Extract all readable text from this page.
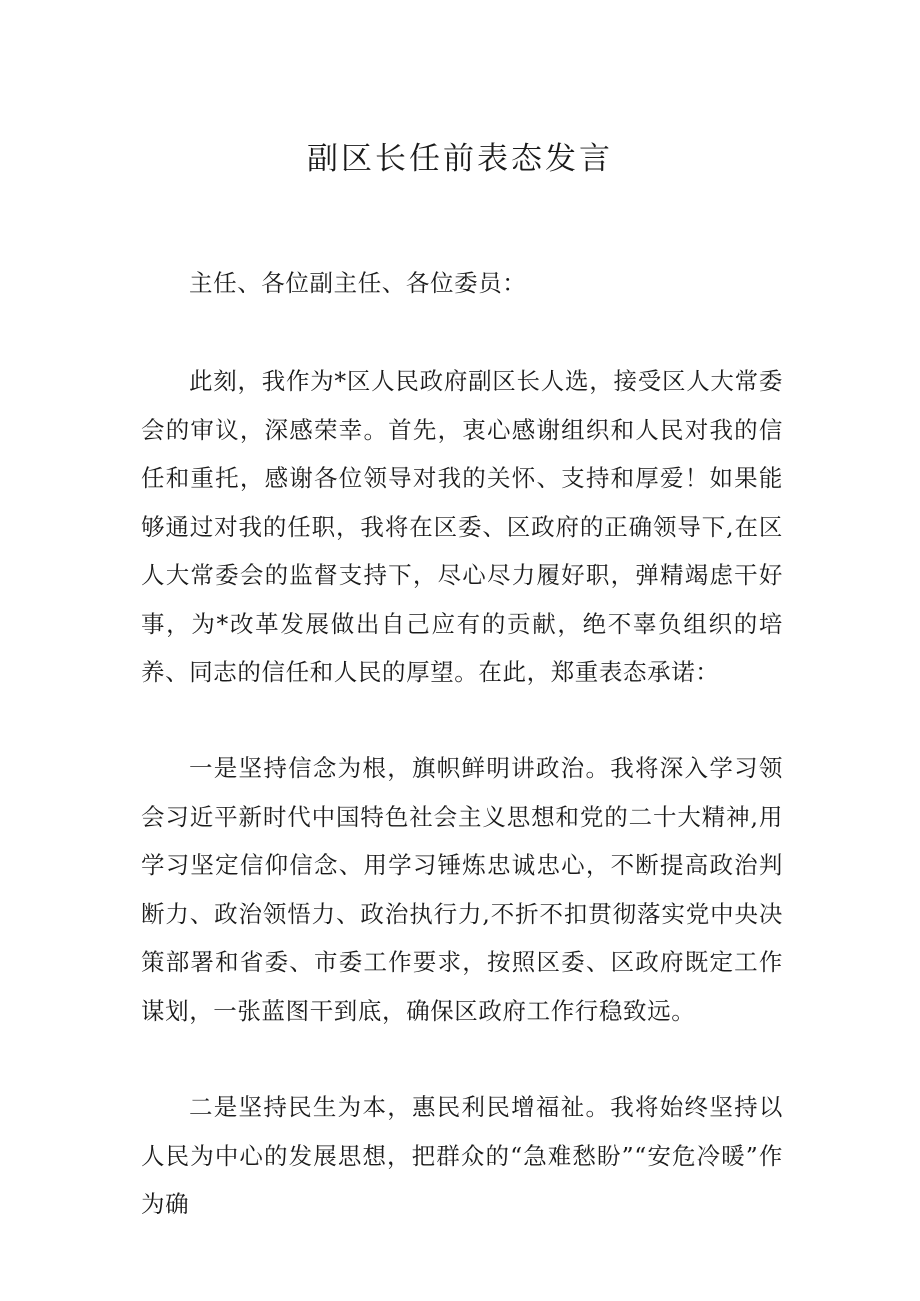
副区长任前表态发言

主任、各位副主任、各位委员：

此刻，我作为*区人民政府副区长人选，接受区人大常委会的审议，深感荣幸。首先，衷心感谢组织和人民对我的信任和重托，感谢各位领导对我的关怀、支持和厚爱！如果能够通过对我的任职，我将在区委、区政府的正确领导下,在区人大常委会的监督支持下，尽心尽力履好职，弹精竭虑干好事，为*改革发展做出自己应有的贡献，绝不辜负组织的培养、同志的信任和人民的厚望。在此，郑重表态承诺：

一是坚持信念为根，旗帜鲜明讲政治。我将深入学习领会习近平新时代中国特色社会主义思想和党的二十大精神,用学习坚定信仰信念、用学习锤炼忠诚忠心，不断提高政治判断力、政治领悟力、政治执行力,不折不扣贯彻落实党中央决策部署和省委、市委工作要求，按照区委、区政府既定工作谋划，一张蓝图干到底，确保区政府工作行稳致远。

二是坚持民生为本，惠民利民增福祉。我将始终坚持以人民为中心的发展思想，把群众的“急难愁盼”“安危冷暖”作为确
